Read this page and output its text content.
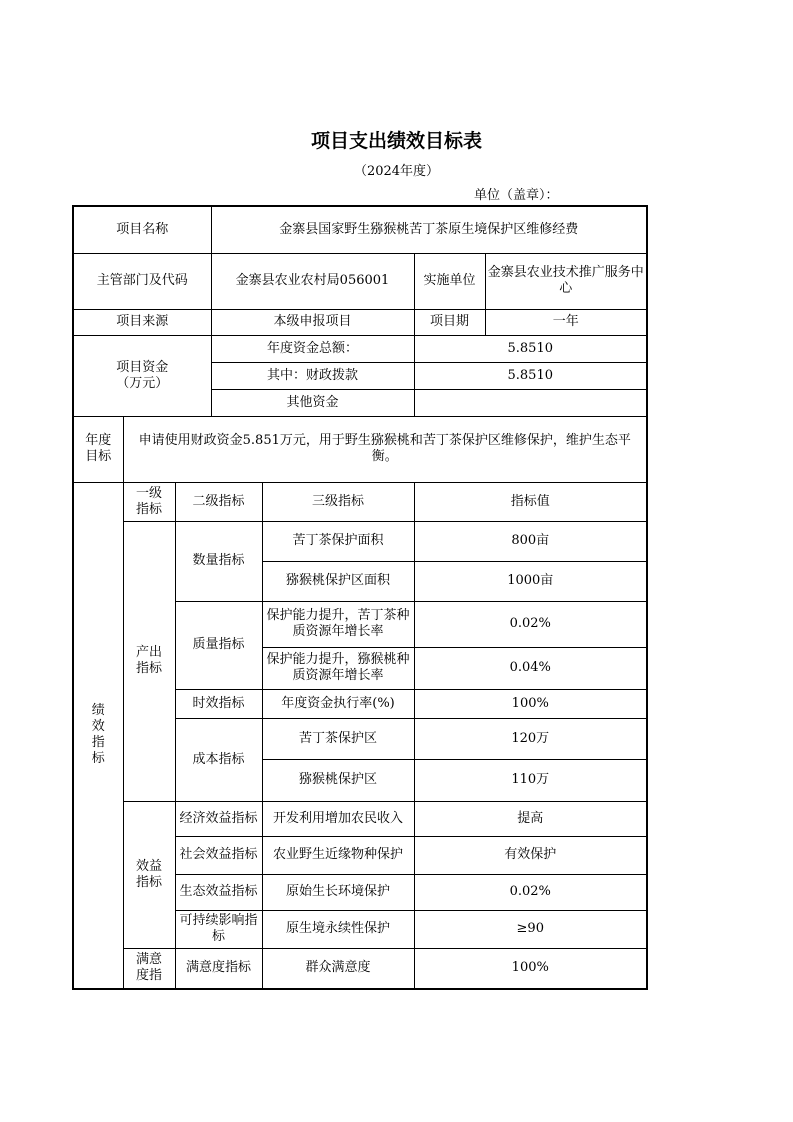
项目支出绩效目标表
（2024年度）
单位（盖章）：
项目名称			金寨县国家野生猕猴桃苦丁茶原生境保护区维修经费			
主管部门及代码			金寨县农业农村局056001		实施单位	金寨县农业技术推广服务中心
项目来源			本级申报项目		项目期	一年
项目资金
（万元）			年度资金总额：		5.8510	
			其中：财政拨款		5.8510	
			其他资金			
年度目标	申请使用财政资金5.851万元，用于野生猕猴桃和苦丁茶保护区维修保护，维护生态平衡。					
绩效指标	一级指标	二级指标		三级指标	指标值	
	产出指标	数量指标		苦丁茶保护面积	800亩	
				猕猴桃保护区面积	1000亩	
		质量指标		保护能力提升，苦丁茶种质资源年增长率	0.02%	
				保护能力提升，猕猴桃种质资源年增长率	0.04%	
		时效指标		年度资金执行率(%)	100%	
		成本指标		苦丁茶保护区	120万	
				猕猴桃保护区	110万	
	效益指标	经济效益指标		开发利用增加农民收入	提高	
		社会效益指标		农业野生近缘物种保护	有效保护	
		生态效益指标		原始生长环境保护	0.02%	
		可持续影响指标		原生境永续性保护	≥90	
	满意度指	满意度指标		群众满意度	100%	
